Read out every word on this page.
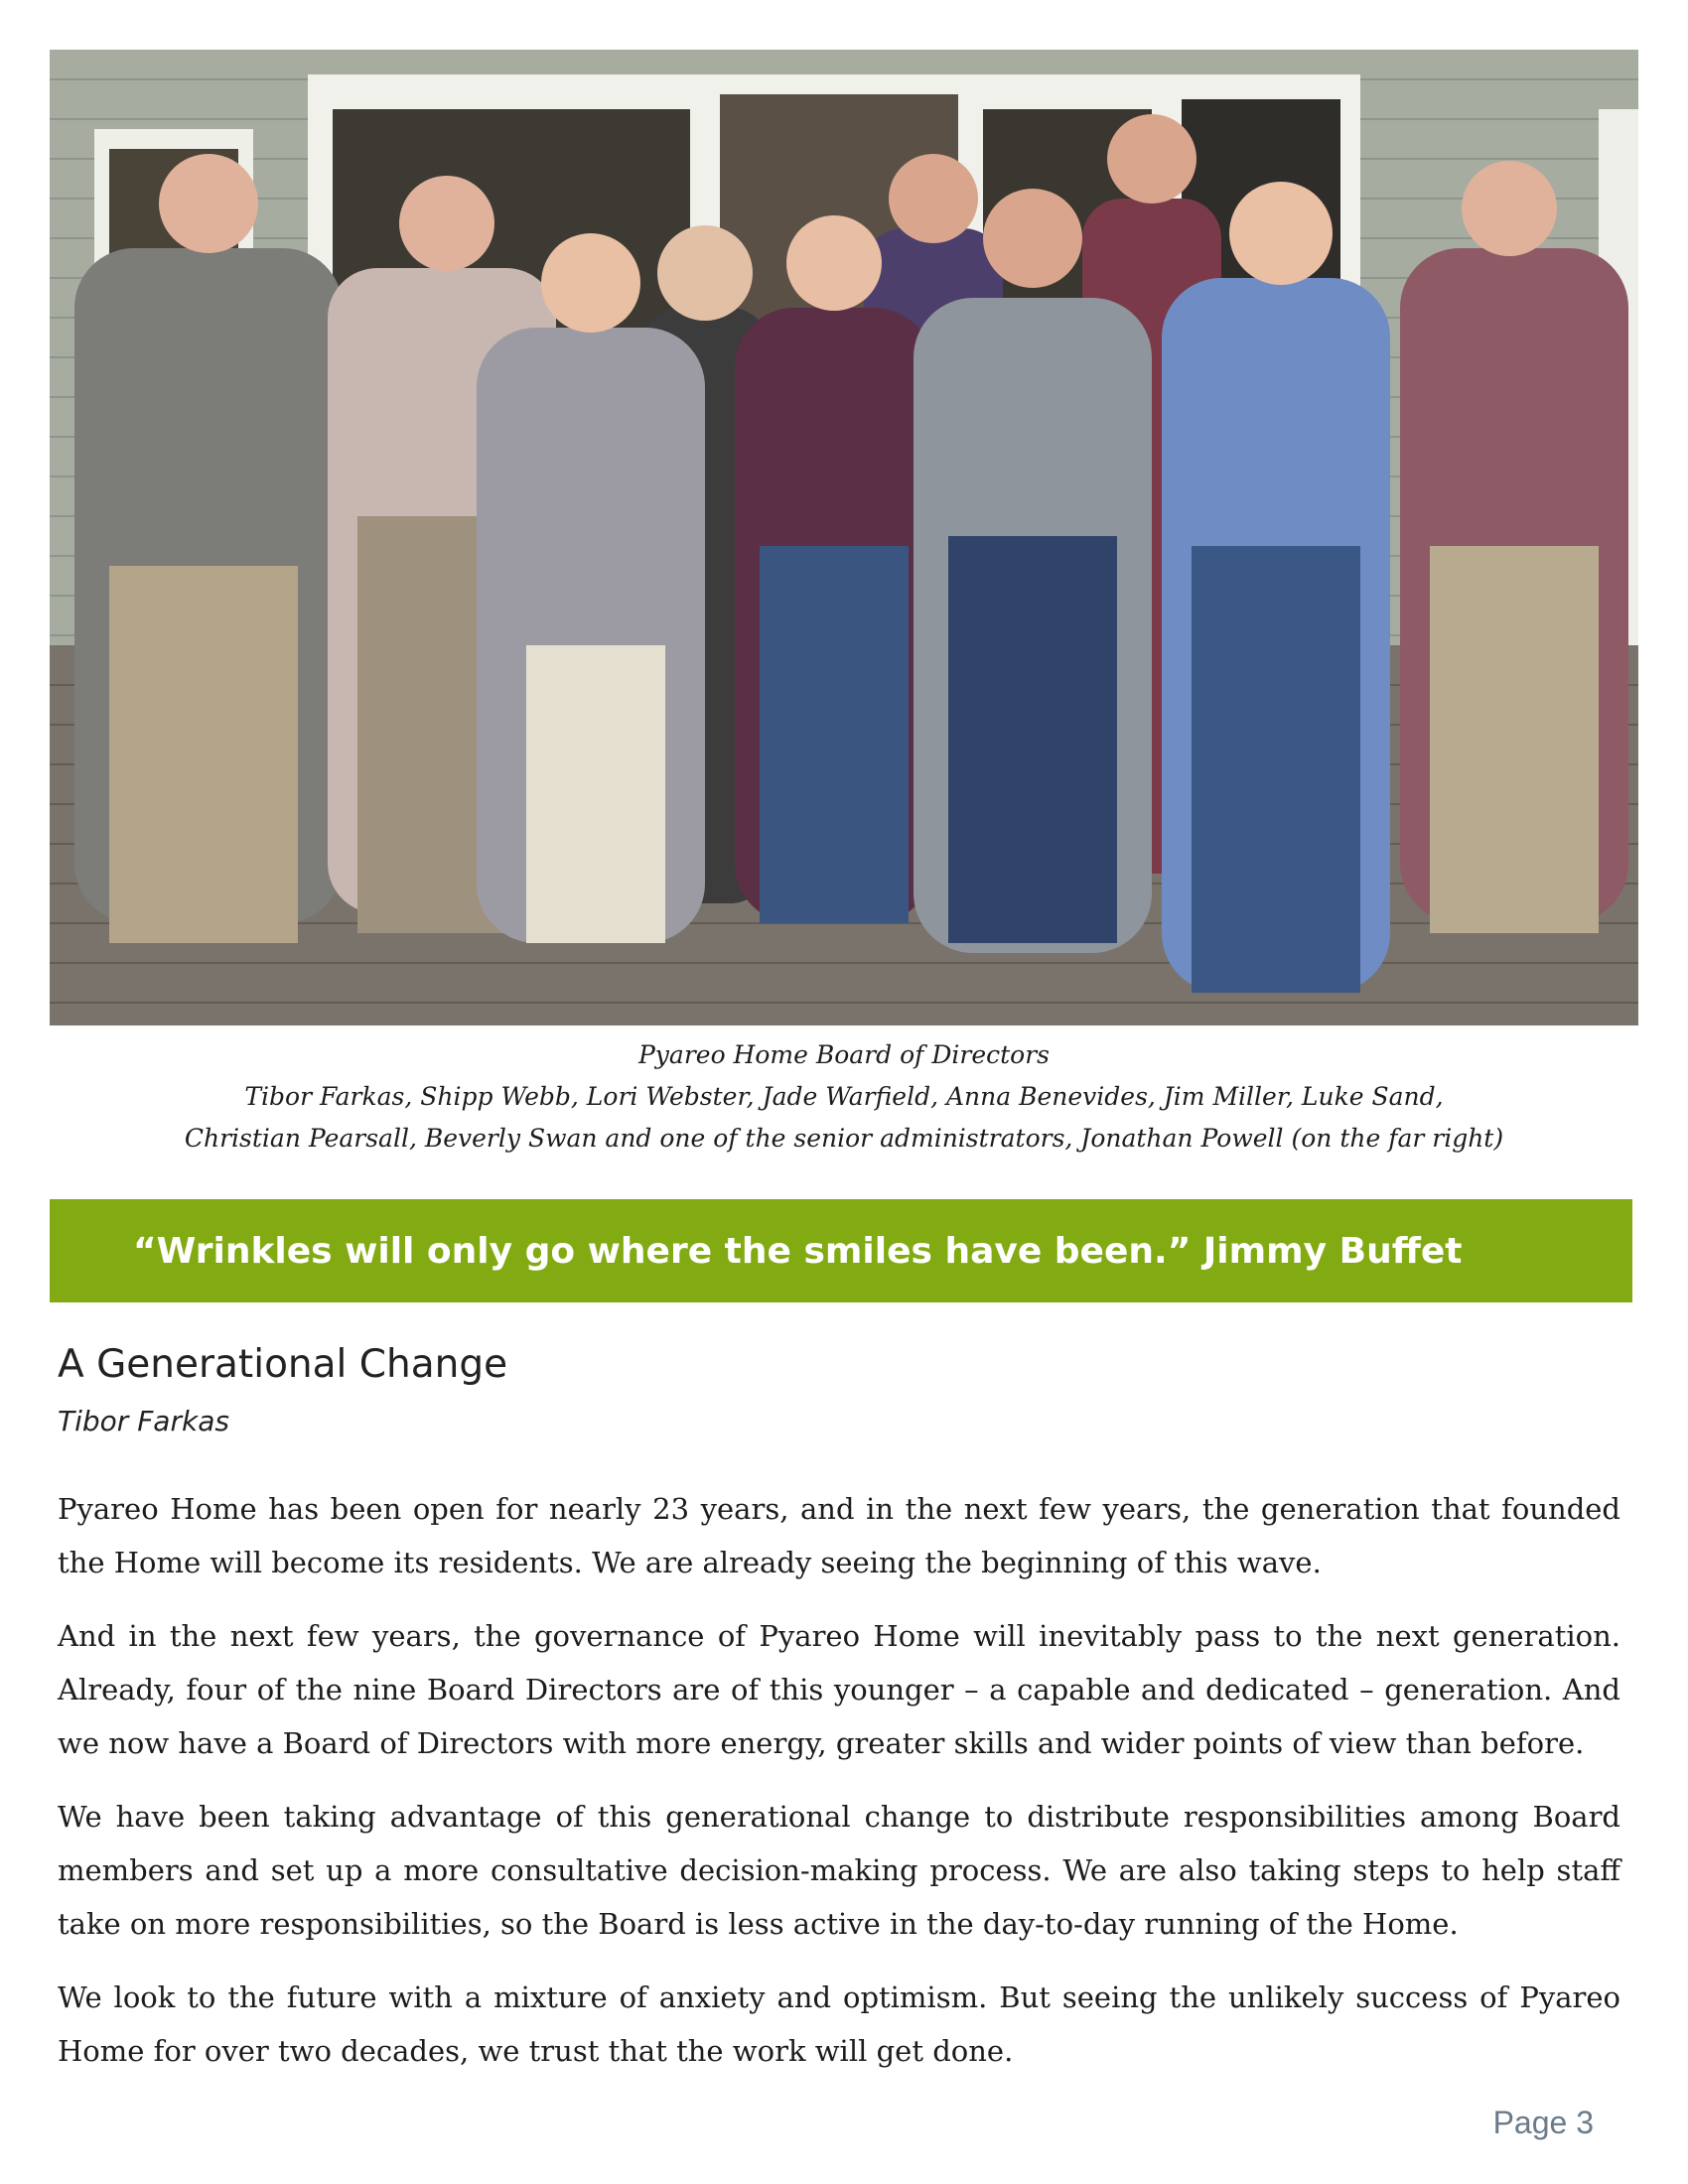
Pyareo Home Board of Directors
Tibor Farkas, Shipp Webb, Lori Webster, Jade Warfield, Anna Benevides, Jim Miller, Luke Sand,
Christian Pearsall, Beverly Swan and one of the senior administrators, Jonathan Powell (on the far right)
“Wrinkles will only go where the smiles have been.” Jimmy Buffet
A Generational Change
Tibor Farkas

Pyareo Home has been open for nearly 23 years, and in the next few years, the generation that founded the Home will become its residents. We are already seeing the beginning of this wave.

And in the next few years, the governance of Pyareo Home will inevitably pass to the next generation. Already, four of the nine Board Directors are of this younger – a capable and dedicated – generation. And we now have a Board of Directors with more energy, greater skills and wider points of view than before.

We have been taking advantage of this generational change to distribute responsibilities among Board members and set up a more consultative decision-making process. We are also taking steps to help staff take on more responsibilities, so the Board is less active in the day-to-day running of the Home.

We look to the future with a mixture of anxiety and optimism. But seeing the unlikely success of Pyareo Home for over two decades, we trust that the work will get done.

Page 3
